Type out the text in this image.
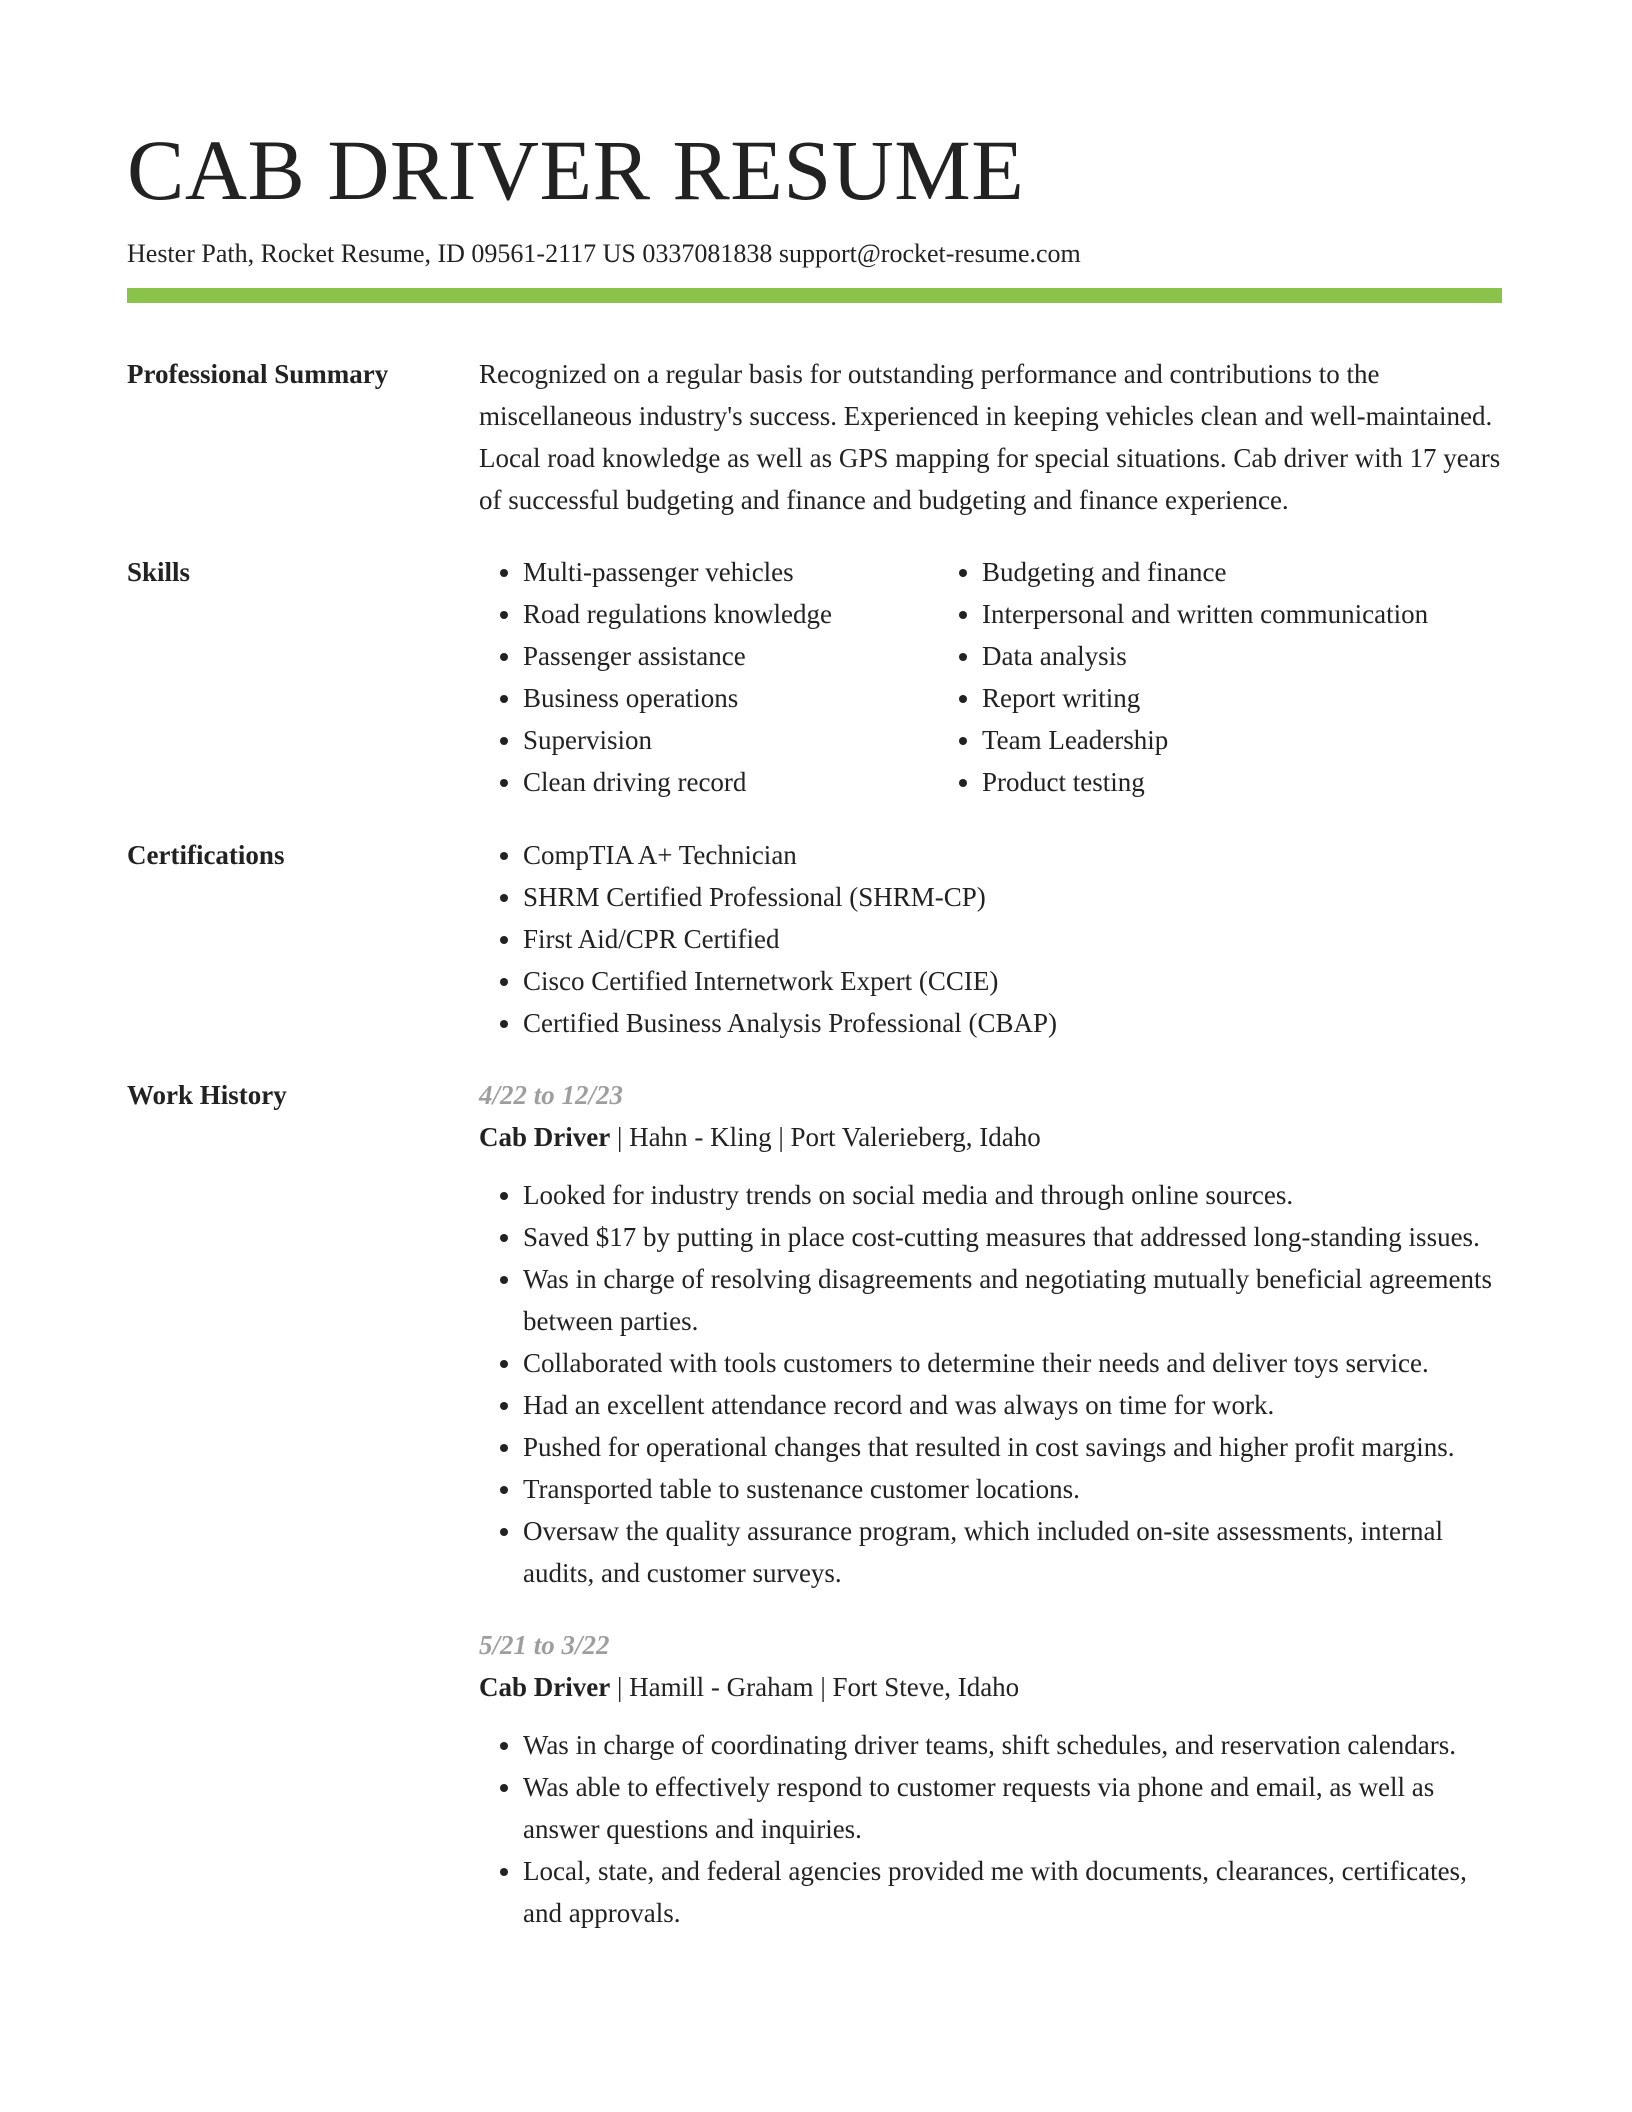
CAB DRIVER RESUME
Hester Path, Rocket Resume, ID 09561-2117 US 0337081838 support@rocket-resume.com
Professional Summary	Recognized on a regular basis for outstanding performance and contributions to the miscellaneous industry's success. Experienced in keeping vehicles clean and well-maintained. Local road knowledge as well as GPS mapping for special situations. Cab driver with 17 years of successful budgeting and finance and budgeting and finance experience.

Skills	• Multi-passenger vehicles
• Road regulations knowledge
• Passenger assistance
• Business operations
• Supervision
• Clean driving record
• Budgeting and finance
• Interpersonal and written communication
• Data analysis
• Report writing
• Team Leadership
• Product testing
Certifications	• CompTIA A+ Technician
• SHRM Certified Professional (SHRM-CP)
• First Aid/CPR Certified
• Cisco Certified Internetwork Expert (CCIE)
• Certified Business Analysis Professional (CBAP)
Work History	4/22 to 12/23
Cab Driver | Hahn - Kling | Port Valerieberg, Idaho
• Looked for industry trends on social media and through online sources.
• Saved $17 by putting in place cost-cutting measures that addressed long-standing issues.
• Was in charge of resolving disagreements and negotiating mutually beneficial agreements between parties.
• Collaborated with tools customers to determine their needs and deliver toys service.
• Had an excellent attendance record and was always on time for work.
• Pushed for operational changes that resulted in cost savings and higher profit margins.
• Transported table to sustenance customer locations.
• Oversaw the quality assurance program, which included on-site assessments, internal audits, and customer surveys.
5/21 to 3/22
Cab Driver | Hamill - Graham | Fort Steve, Idaho
• Was in charge of coordinating driver teams, shift schedules, and reservation calendars.
• Was able to effectively respond to customer requests via phone and email, as well as answer questions and inquiries.
• Local, state, and federal agencies provided me with documents, clearances, certificates, and approvals.
